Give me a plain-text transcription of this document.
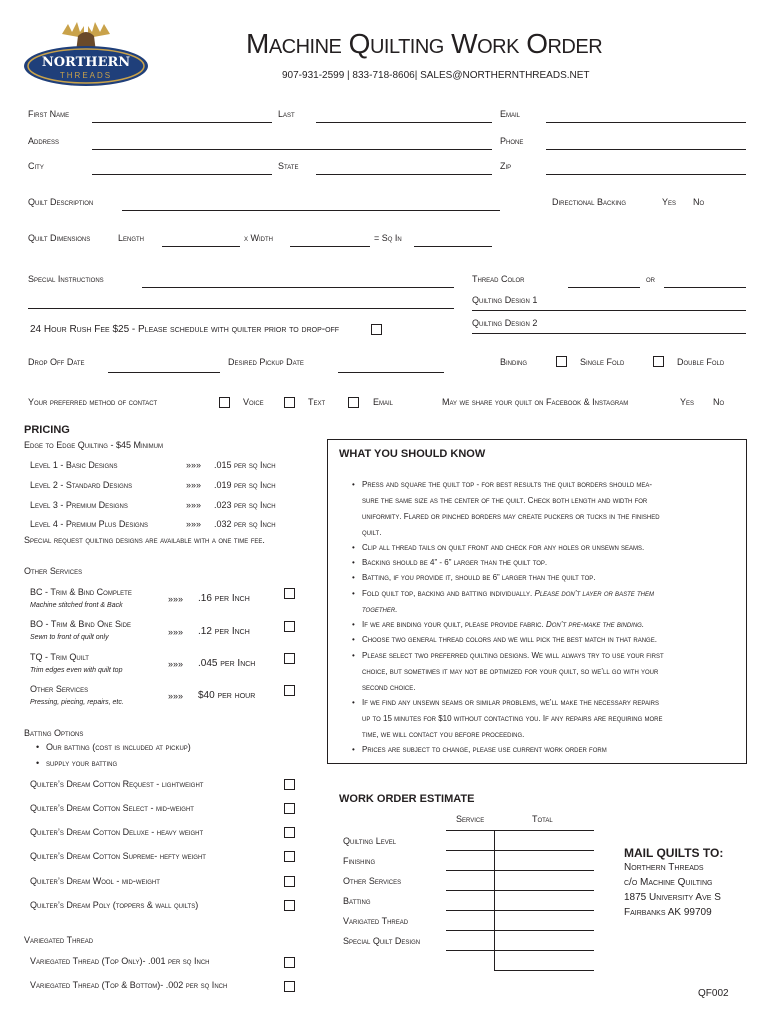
NORTHERN
THREADS
Machine Quilting Work Order
907-931-2599 | 833-718-8606| SALES@NORTHERNTHREADS.NET
First Name	Last	Email
Address	Phone
City	State	Zip
Quilt Description	Directional Backing	Yes No
Quilt Dimensions	Length	x Width	= Sq In
Special Instructions	Thread Color	or
Quilting Design 1
Quilting Design 2
24 Hour Rush Fee $25 - Please schedule with quilter prior to drop-off
Drop Off Date	Desired Pickup Date	Binding	Single Fold	Double Fold
Your preferred method of contact	Voice	Text	Email	May we share your quilt on Facebook & Instagram	Yes No
PRICING
Edge to Edge Quilting - $45 Minimum
Level 1 - Basic Designs	»»» .015 per sq Inch
Level 2 - Standard Designs	»»» .019 per sq Inch
Level 3 - Premium Designs	»»» .023 per sq Inch
Level 4 - Premium Plus Designs	»»» .032 per sq Inch
Special request quilting designs are available with a one time fee.
Other Services
BC - Trim & Bind Complete
Machine stitched front & Back
»»» .16 per Inch
BO - Trim & Bind One Side
Sewn to front of quilt only
»»» .12 per Inch
TQ - Trim Quilt
Trim edges even with quilt top
»»» .045 per Inch
Other Services
Pressing, piecing, repairs, etc.
»»» $40 per hour
Batting Options
• Our batting (cost is included at pickup)
• supply your batting
Quilter’s Dream Cotton Request - lightweight
Quilter’s Dream Cotton Select - mid-weight
Quilter’s Dream Cotton Deluxe - heavy weight
Quilter’s Dream Cotton Supreme- hefty weight
Quilter’s Dream Wool - mid-weight
Quilter’s Dream Poly (toppers & wall quilts)
Variegated Thread
Variegated Thread (Top Only)- .001 per sq Inch
Variegated Thread (Top & Bottom)- .002 per sq Inch
WHAT YOU SHOULD KNOW
• Press and square the quilt top - for best results the quilt borders should mea-
sure the same size as the center of the quilt. Check both length and width for
uniformity. Flared or pinched borders may create puckers or tucks in the finished
quilt.
• Clip all thread tails on quilt front and check for any holes or unsewn seams.
• Backing should be 4” - 6” larger than the quilt top.
• Batting, if you provide it, should be 6” larger than the quilt top.
• Fold quilt top, backing and batting individually. Please don’t layer or baste them
together.
• If we are binding your quilt, please provide fabric. Don’t pre-make the binding.
• Choose two general thread colors and we will pick the best match in that range.
• Please select two preferred quilting designs. We will always try to use your first
choice, but sometimes it may not be optimized for your quilt, so we’ll go with your
second choice.
• If we find any unsewn seams or similar problems, we’ll make the necessary repairs
up to 15 minutes for $10 without contacting you. If any repairs are requiring more
time, we will contact you before proceeding.
• Prices are subject to change, please use current work order form
WORK ORDER ESTIMATE
Service	Total
Quilting Level
Finishing
Other Services
Batting
Varigated Thread
Special Quilt Design
MAIL QUILTS TO:
Northern Threads
c/o Machine Quilting
1875 University Ave S
Fairbanks AK 99709
QF002
